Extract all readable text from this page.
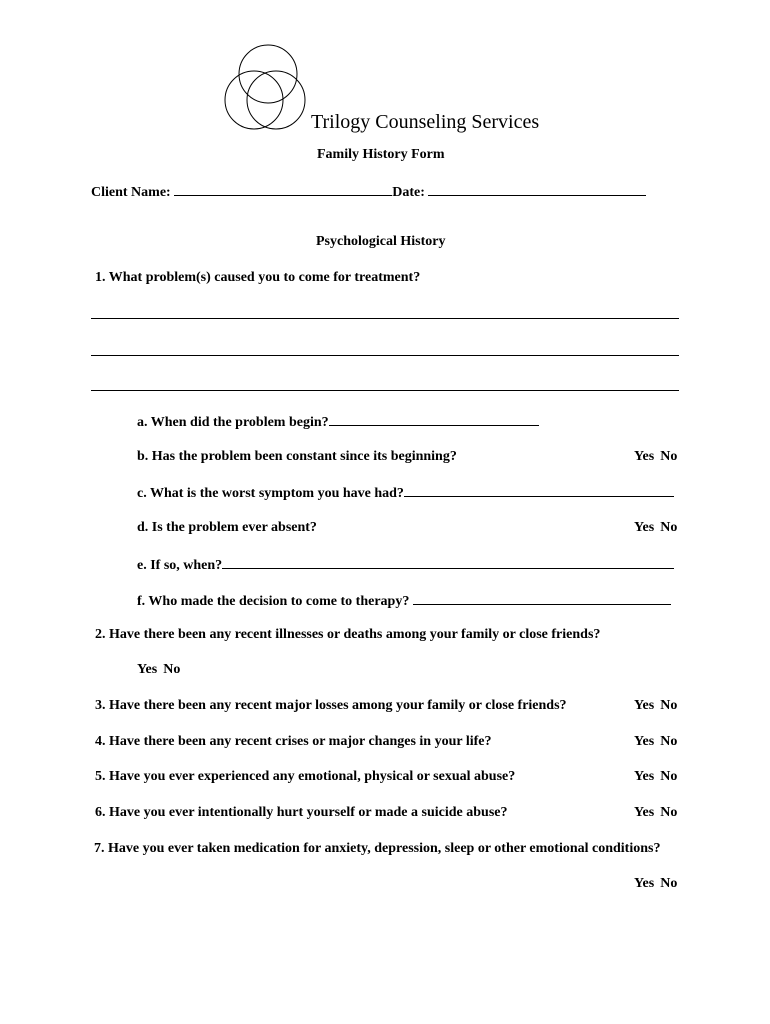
Trilogy Counseling Services
Family History Form
Client Name:	Date:
Psychological History
1. What problem(s) caused you to come for treatment?
a. When did the problem begin?
b. Has the problem been constant since its beginning?	Yes No
c. What is the worst symptom you have had?
d. Is the problem ever absent?	Yes No
e. If so, when?
f. Who made the decision to come to therapy?
2. Have there been any recent illnesses or deaths among your family or close friends?
Yes No
3. Have there been any recent major losses among your family or close friends?	Yes No
4. Have there been any recent crises or major changes in your life?	Yes No
5. Have you ever experienced any emotional, physical or sexual abuse?	Yes No
6. Have you ever intentionally hurt yourself or made a suicide abuse?	Yes No
7. Have you ever taken medication for anxiety, depression, sleep or other emotional conditions?
Yes No
